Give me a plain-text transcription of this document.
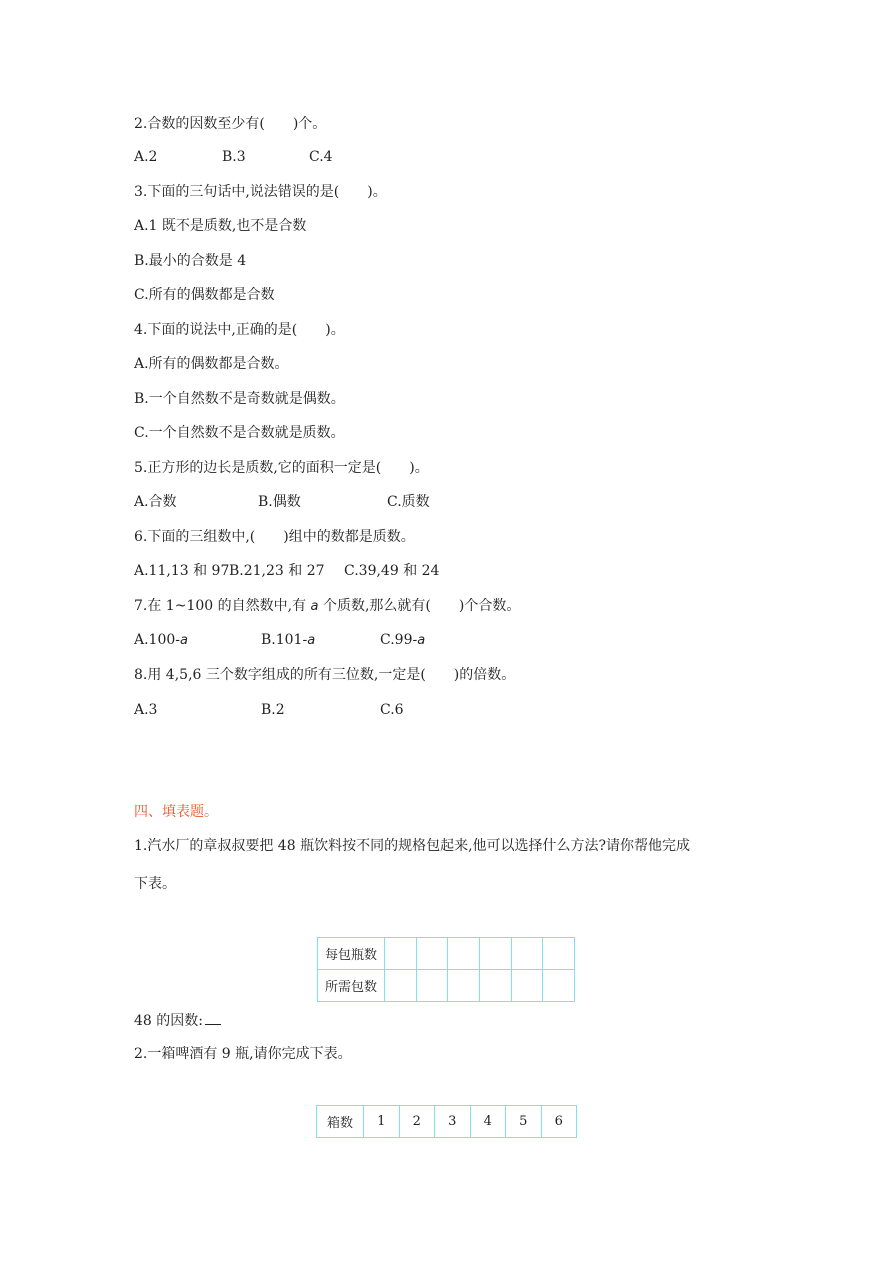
2.合数的因数至少有(　　)个。
A.2	B.3	C.4
3.下面的三句话中,说法错误的是(　　)。
A.1 既不是质数,也不是合数
B.最小的合数是 4
C.所有的偶数都是合数
4.下面的说法中,正确的是(　　)。
A.所有的偶数都是合数。
B.一个自然数不是奇数就是偶数。
C.一个自然数不是合数就是质数。
5.正方形的边长是质数,它的面积一定是(　　)。
A.合数	B.偶数	C.质数
6.下面的三组数中,(　　)组中的数都是质数。
A.11,13 和 97 B.21,23 和 27 C.39,49 和 24
7.在 1~100 的自然数中,有 a 个质数,那么就有(　　)个合数。
A.100-a	B.101-a	C.99-a
8.用 4,5,6 三个数字组成的所有三位数,一定是(　　)的倍数。
A.3	B.2	C.6
四、填表题。
1.汽水厂的章叔叔要把 48 瓶饮料按不同的规格包起来,他可以选择什么方法?请你帮他完成
下表。
每包瓶数						
所需包数						
48 的因数:
2.一箱啤酒有 9 瓶,请你完成下表。
箱数	1	2	3	4	5	6
